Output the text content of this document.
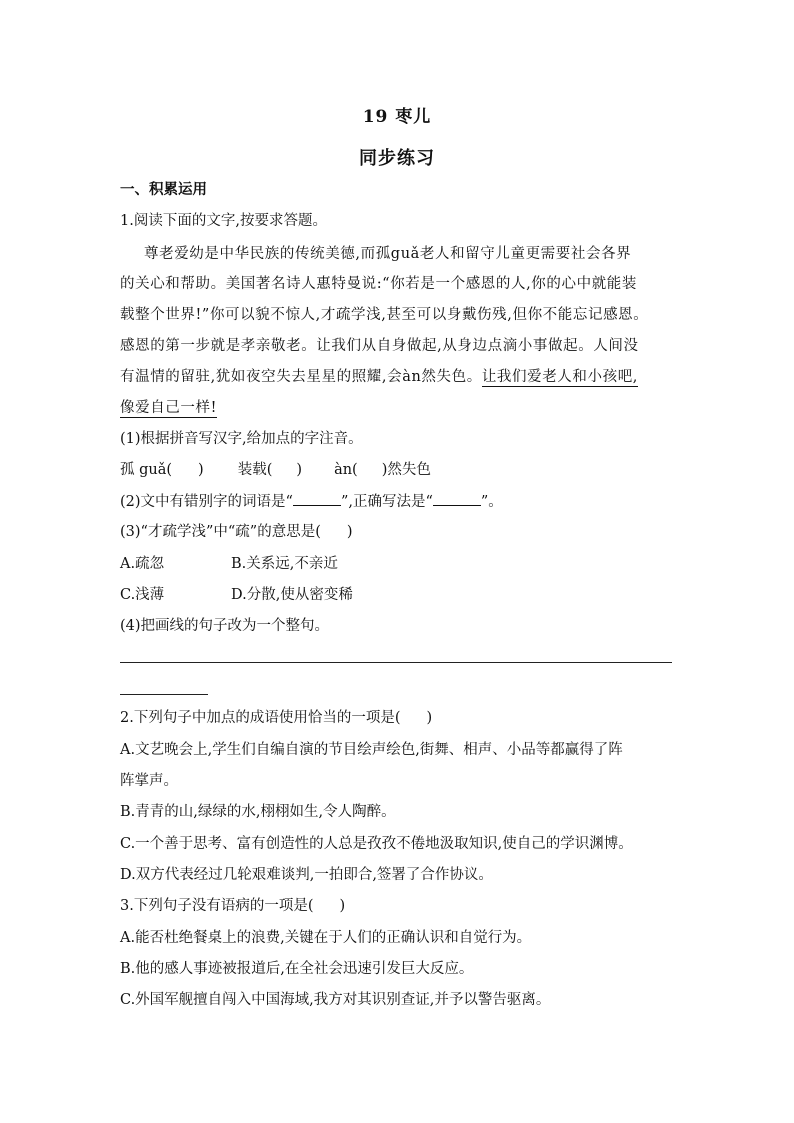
19 枣儿
同步练习
一、积累运用
1.阅读下面的文字,按要求答题。
尊老爱幼是中华民族的传统美德,而孤guǎ老人和留守儿童更需要社会各界
的关心和帮助。美国著名诗人惠特曼说:“你若是一个感恩的人,你的心中就能装
载整个世界!”你可以貌不惊人,才疏学浅,甚至可以身戴伤残,但你不能忘记感恩。
感恩的第一步就是孝亲敬老。让我们从自身做起,从身边点滴小事做起。人间没
有温情的留驻,犹如夜空失去星星的照耀,会àn然失色。让我们爱老人和小孩吧,
像爱自己一样!
(1)根据拼音写汉字,给加点的字注音。
孤 guǎ( ) 装载( ) àn( )然失色
(2)文中有错别字的词语是“	”,正确写法是“	”。
(3)“才疏学浅”中“疏”的意思是( )
A.疏忽	B.关系远,不亲近
C.浅薄	D.分散,使从密变稀
(4)把画线的句子改为一个整句。
2.下列句子中加点的成语使用恰当的一项是( )
A.文艺晚会上,学生们自编自演的节目绘声绘色,街舞、相声、小品等都赢得了阵
阵掌声。
B.青青的山,绿绿的水,栩栩如生,令人陶醉。
C.一个善于思考、富有创造性的人总是孜孜不倦地汲取知识,使自己的学识渊博。
D.双方代表经过几轮艰难谈判,一拍即合,签署了合作协议。
3.下列句子没有语病的一项是( )
A.能否杜绝餐桌上的浪费,关键在于人们的正确认识和自觉行为。
B.他的感人事迹被报道后,在全社会迅速引发巨大反应。
C.外国军舰擅自闯入中国海域,我方对其识别查证,并予以警告驱离。
